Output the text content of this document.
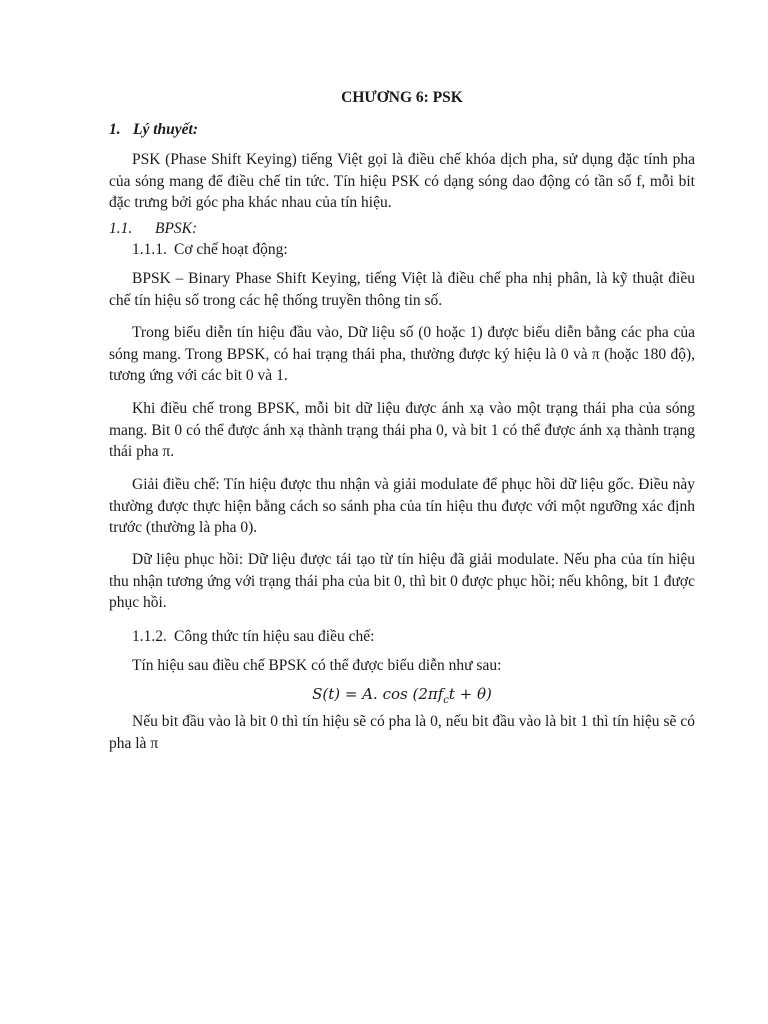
CHƯƠNG 6: PSK
1. Lý thuyết:

PSK (Phase Shift Keying) tiếng Việt gọi là điều chế khóa dịch pha, sử dụng đặc tính pha của sóng mang để điều chế tin tức. Tín hiệu PSK có dạng sóng dao động có tần số f, mỗi bit đặc trưng bởi góc pha khác nhau của tín hiệu.

1.1. BPSK:
1.1.1. Cơ chế hoạt động:

BPSK – Binary Phase Shift Keying, tiếng Việt là điều chế pha nhị phân, là kỹ thuật điều chế tín hiệu số trong các hệ thống truyền thông tin số.

Trong biểu diễn tín hiệu đầu vào, Dữ liệu số (0 hoặc 1) được biểu diễn bằng các pha của sóng mang. Trong BPSK, có hai trạng thái pha, thường được ký hiệu là 0 và π (hoặc 180 độ), tương ứng với các bit 0 và 1.

Khi điều chế trong BPSK, mỗi bit dữ liệu được ánh xạ vào một trạng thái pha của sóng mang. Bit 0 có thể được ánh xạ thành trạng thái pha 0, và bit 1 có thể được ánh xạ thành trạng thái pha π.

Giải điều chế: Tín hiệu được thu nhận và giải modulate để phục hồi dữ liệu gốc. Điều này thường được thực hiện bằng cách so sánh pha của tín hiệu thu được với một ngưỡng xác định trước (thường là pha 0).

Dữ liệu phục hồi: Dữ liệu được tái tạo từ tín hiệu đã giải modulate. Nếu pha của tín hiệu thu nhận tương ứng với trạng thái pha của bit 0, thì bit 0 được phục hồi; nếu không, bit 1 được phục hồi.

1.1.2. Công thức tín hiệu sau điều chế:

Tín hiệu sau điều chế BPSK có thể được biểu diễn như sau:

S(t) = A. $\cos (2\pi f_ct + \theta)$

Nếu bit đầu vào là bit 0 thì tín hiệu sẽ có pha là 0, nếu bit đầu vào là bit 1 thì tín hiệu sẽ có pha là π
